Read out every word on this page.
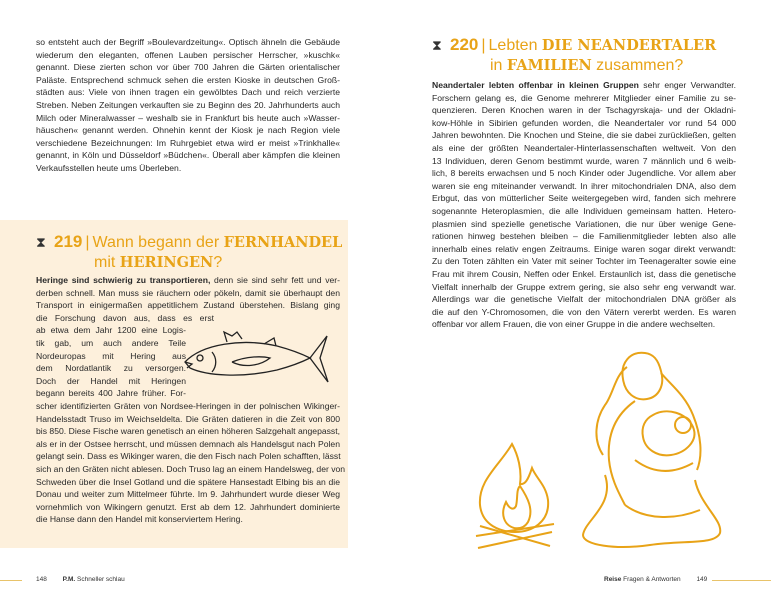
so entsteht auch der Begriff »Boulevardzeitung«. Optisch ähneln die Gebäude
wiederum den eleganten, offenen Lauben persischer Herrscher, »kuschk«
genannt. Diese zierten schon vor über 700 Jahren die Gärten orientalischer
Paläste. Entsprechend schmuck sehen die ersten Kioske in deutschen Groß-
städten aus: Viele von ihnen tragen ein gewölbtes Dach und reich verzierte
Streben. Neben Zeitungen verkauften sie zu Beginn des 20. Jahrhunderts auch
Milch oder Mineralwasser – weshalb sie in Frankfurt bis heute auch »Wasser-
häuschen« genannt werden. Ohnehin kennt der Kiosk je nach Region viele
verschiedene Bezeichnungen: Im Ruhrgebiet etwa wird er meist »Trinkhalle«
genannt, in Köln und Düsseldorf »Büdchen«. Überall aber kämpfen die kleinen
Verkaufsstellen heute ums Überleben.
⧗ 219 | Wann begann der FERNHANDEL
mit HERINGEN?
Heringe sind schwierig zu transportieren, denn sie sind sehr fett und ver-
derben schnell. Man muss sie räuchern oder pökeln, damit sie überhaupt den
Transport in einigermaßen appetitlichem Zustand überstehen. Bislang ging
die Forschung davon aus, dass es erst
ab etwa dem Jahr 1200 eine Logis-
tik gab, um auch andere Teile
Nordeuropas mit Hering aus
dem Nordatlantik zu versorgen.
Doch der Handel mit Heringen
begann bereits 400 Jahre früher. For-
scher identifizierten Gräten von Nordsee-Heringen in der polnischen Wikinger-
Handelsstadt Truso im Weichseldelta. Die Gräten datieren in die Zeit von 800
bis 850. Diese Fische waren genetisch an einen höheren Salzgehalt angepasst,
als er in der Ostsee herrscht, und müssen demnach als Handelsgut nach Polen
gelangt sein. Dass es Wikinger waren, die den Fisch nach Polen schafften, lässt
sich an den Gräten nicht ablesen. Doch Truso lag an einem Handelsweg, der von
Schweden über die Insel Gotland und die spätere Hansestadt Elbing bis an die
Donau und weiter zum Mittelmeer führte. Im 9. Jahrhundert wurde dieser Weg
vornehmlich von Wikingern genutzt. Erst ab dem 12. Jahrhundert dominierte
die Hanse dann den Handel mit konserviertem Hering.
148 P.M. Schneller schlau
⧗ 220 | Lebten DIE NEANDERTALER
in FAMILIEN zusammen?
Neandertaler lebten offenbar in kleinen Gruppen sehr enger Verwandter.
Forschern gelang es, die Genome mehrerer Mitglieder einer Familie zu se-
quenzieren. Deren Knochen waren in der Tschagyrskaja- und der Okladni-
kow-Höhle in Sibirien gefunden worden, die Neandertaler vor rund 54 000
Jahren bewohnten. Die Knochen und Steine, die sie dabei zurückließen, gelten
als eine der größten Neandertaler-Hinterlassenschaften weltweit. Von den
13 Individuen, deren Genom bestimmt wurde, waren 7 männlich und 6 weib-
lich, 8 bereits erwachsen und 5 noch Kinder oder Jugendliche. Vor allem aber
waren sie eng miteinander verwandt. In ihrer mitochondrialen DNA, also dem
Erbgut, das von mütterlicher Seite weitergegeben wird, fanden sich mehrere
sogenannte Heteroplasmien, die alle Individuen gemeinsam hatten. Hetero-
plasmien sind spezielle genetische Variationen, die nur über wenige Gene-
rationen hinweg bestehen bleiben – die Familienmitglieder lebten also alle
innerhalb eines relativ engen Zeitraums. Einige waren sogar direkt verwandt:
Zu den Toten zählten ein Vater mit seiner Tochter im Teenageralter sowie eine
Frau mit ihrem Cousin, Neffen oder Enkel. Erstaunlich ist, dass die genetische
Vielfalt innerhalb der Gruppe extrem gering, sie also sehr eng verwandt war.
Allerdings war die genetische Vielfalt der mitochondrialen DNA größer als
die auf den Y-Chromosomen, die von den Vätern vererbt werden. Es waren
offenbar vor allem Frauen, die von einer Gruppe in die andere wechselten.
Reise Fragen & Antworten 149
